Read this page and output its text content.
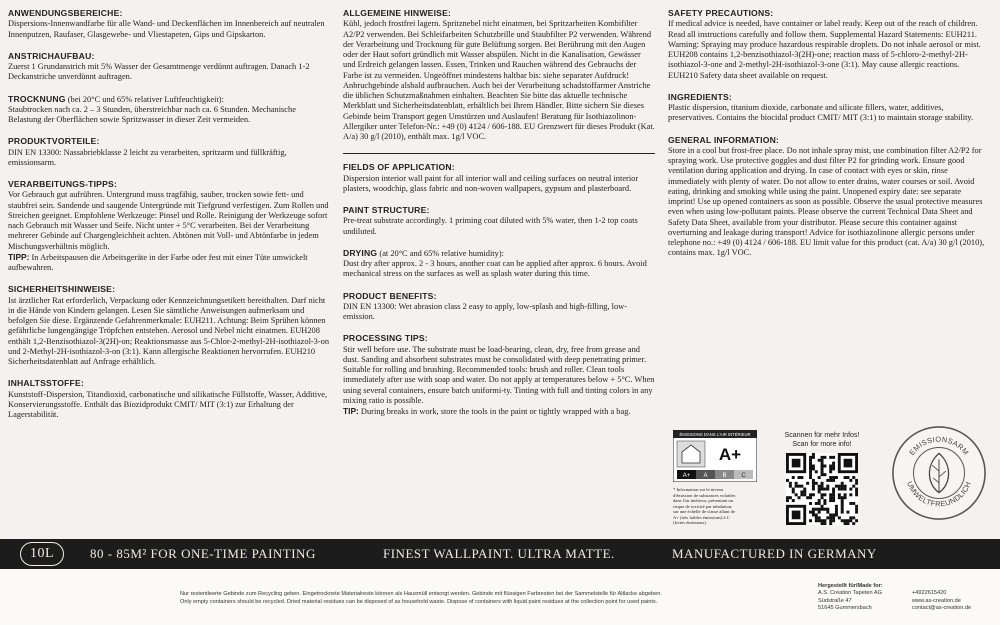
ANWENDUNGSBEREICHE:
Dispersions-Innenwandfarbe für alle Wand- und Deckenflächen im Innenbereich auf neutralen Innenputzen, Raufaser, Glasgewebe- und Vliestapeten, Gips und Gipskarton.
ANSTRICHAUFBAU:
Zuerst 1 Grundanstrich mit 5% Wasser der Gesamtmenge verdünnt auftragen. Danach 1-2 Deckanstriche unverdünnt auftragen.
TROCKNUNG (bei 20°C und 65% relativer Luftfeuchtigkeit):
Staubtrocken nach ca. 2 – 3 Stunden, überstreichbar nach ca. 6 Stunden. Mechanische Belastung der Oberflächen sowie Spritzwasser in dieser Zeit vermeiden.
PRODUKTVORTEILE:
DIN EN 13300: Nassabriebklasse 2 leicht zu verarbeiten, spritzarm und füllkräftig, emissionsarm.
VERARBEITUNGS-TIPPS:
Vor Gebrauch gut aufrühren. Untergrund muss tragfähig, sauber, trocken sowie fett- und staubfrei sein. Sandende und saugende Untergründe mit Tiefgrund verfestigen. Zum Rollen und Streichen geeignet. Empfohlene Werkzeuge: Pinsel und Rolle. Reinigung der Werkzeuge sofort nach Gebrauch mit Wasser und Seife. Nicht unter + 5°C verarbeiten. Bei der Verarbeitung mehrerer Gebinde auf Chargengleichheit achten. Abtönen mit Voll- und Abtönfarbe in jedem Mischungsverhältnis möglich.
TIPP: In Arbeitspausen die Arbeitsgeräte in der Farbe oder fest mit einer Tüte umwickelt aufbewahren.
SICHERHEITSHINWEISE:
Ist ärztlicher Rat erforderlich, Verpackung oder Kennzeichnungsetikett bereithalten. Darf nicht in die Hände von Kindern gelangen. Lesen Sie sämtliche Anweisungen aufmerksam und befolgen Sie diese. Ergänzende Gefahrenmerkmale: EUH211. Achtung: Beim Sprühen können gefährliche lungengängige Tröpfchen entstehen. Aerosol und Nebel nicht einatmen. EUH208 enthält 1,2-Benzisothiazol-3(2H)-on; Reaktionsmasse aus 5-Chlor-2-methyl-2H-isothiazol-3-on und 2-Methyl-2H-isothiazol-3-on (3:1). Kann allergische Reaktionen hervorrufen. EUH210 Sicherheitsdatenblatt auf Anfrage erhältlich.
INHALTSSTOFFE:
Kunststoff-Dispersion, Titandioxid, carbonatische und silikatische Füllstoffe, Wasser, Additive, Konservierungsstoffe. Enthält das Biozidprodukt CMIT/ MIT (3:1) zur Erhaltung der Lagerstabilität.
ALLGEMEINE HINWEISE:
Kühl, jedoch frostfrei lagern. Spritznebel nicht einatmen, bei Spritzarbeiten Kombifilter A2/P2 verwenden. Bei Schleifarbeiten Schutzbrille und Staubfilter P2 verwenden. Während der Verarbeitung und Trocknung für gute Belüftung sorgen. Bei Berührung mit den Augen oder der Haut sofort gründlich mit Wasser abspülen. Nicht in die Kanalisation, Gewässer und Erdreich gelangen lassen. Essen, Trinken und Rauchen während des Gebrauchs der Farbe ist zu vermeiden. Ungeöffnet mindestens haltbar bis: siehe separater Aufdruck! Anbruchgebinde alsbald aufbrauchen. Auch bei der Verarbeitung schadstoffarmer Anstriche die üblichen Schutzmaßnahmen einhalten. Beachten Sie bitte das aktuelle technische Merkblatt und Sicherheitsdatenblatt, erhältlich bei Ihrem Händler. Bitte sichern Sie dieses Gebinde beim Transport gegen Umstürzen und Auslaufen! Beratung für Isothiazolinon-Allergiker unter Telefon-Nr.: +49 (0) 4124 / 606-188. EU Grenzwert für dieses Produkt (Kat. A/a) 30 g/l (2010), enthält max. 1g/l VOC.
FIELDS OF APPLICATION:
Dispersion interior wall paint for all interior wall and ceiling surfaces on neutral interior plasters, woodchip, glass fabric and non-woven wallpapers, gypsum and plasterboard.
PAINT STRUCTURE:
Pre-treat substrate accordingly. 1 priming coat diluted with 5% water, then 1-2 top coats undiluted.
DRYING (at 20°C and 65% relative humidity):
Dust dry after approx. 2 - 3 hours, another coat can be applied after approx. 6 hours. Avoid mechanical stress on the surfaces as well as splash water during this time.
PRODUCT BENEFITS:
DIN EN 13300: Wet abrasion class 2 easy to apply, low-splash and high-filling, low-emission.
PROCESSING TIPS:
Stir well before use. The substrate must be load-bearing, clean, dry, free from grease and dust. Sanding and absorbent substrates must be consolidated with deep penetrating primer. Suitable for rolling and brushing. Recommended tools: brush and roller. Clean tools immediately after use with soap and water. Do not apply at temperatures below + 5°C. When using several containers, ensure batch uniformi-ty. Tinting with full and tinting colors in any mixing ratio is possible.
TIP: During breaks in work, store the tools in the paint or tightly wrapped with a bag.
SAFETY PRECAUTIONS:
If medical advice is needed, have container or label ready. Keep out of the reach of children. Read all instructions carefully and follow them. Supplemental Hazard Statements: EUH211. Warning: Spraying may produce hazardous respirable droplets. Do not inhale aerosol or mist. EUH208 contains 1,2-benzisothiazol-3(2H)-one; reaction mass of 5-chloro-2-methyl-2H-isothiazol-3-one and 2-methyl-2H-isothiazol-3-one (3:1). May cause allergic reactions. EUH210 Safety data sheet available on request.
INGREDIENTS:
Plastic dispersion, titanium dioxide, carbonate and silicate fillers, water, additives, preservatives. Contains the biocidal product CMIT/ MIT (3:1) to maintain storage stability.
GENERAL INFORMATION:
Store in a cool but frost-free place. Do not inhale spray mist, use combination filter A2/P2 for spraying work. Use protective goggles and dust filter P2 for grinding work. Ensure good ventilation during application and drying. In case of contact with eyes or skin, rinse immediately with plenty of water. Do not allow to enter drains, water courses or soil. Avoid eating, drinking and smoking while using the paint. Unopened expiry date: see separate imprint! Use up opened containers as soon as possible. Observe the usual protective measures even when using low-pollutant paints. Please observe the current Technical Data Sheet and Safety Data Sheet, available from your distributor. Please secure this container against overturning and leakage during transport! Advice for isothiazolinone allergic persons under telephone no.: +49 (0) 4124 / 606-188. EU limit value for this product (cat. A/a) 30 g/l (2010), contains max. 1g/l VOC.
ÉMISSIONS DANS L'AIR INTÉRIEUR
A+
A+ A B C
* Information sur le niveau d'émission de substances volatiles dans l'air intérieur, présentant un risque de toxicité par inhalation, sur une échelle de classe allant de A+ (très faibles émissions) à C (fortes émissions).
Scannen für mehr Infos!
Scan for more info!
EMISSIONSARM
UMWELTFREUNDLICH
10L	80 - 85M² FOR ONE-TIME PAINTING	FINEST WALLPAINT. ULTRA MATTE.	MANUFACTURED IN GERMANY
Nur restentleerte Gebinde zum Recycling geben. Eingetrocknete Materialreste können als Hausmüll entsorgt werden. Gebinde mit flüssigen Farbresten bei der Sammelstelle für Altlacke abgeben.
Only empty containers should be recycled. Dried material residues can be disposed of as household waste. Dispose of containers with liquid paint residues at the collection point for used paints.
Hergestellt für/Made for:
A.S. Création Tapeten AG
Südstraße 47
51645 Gummersbach

+4922615420
www.as-creation.de
contact@as-creation.de
